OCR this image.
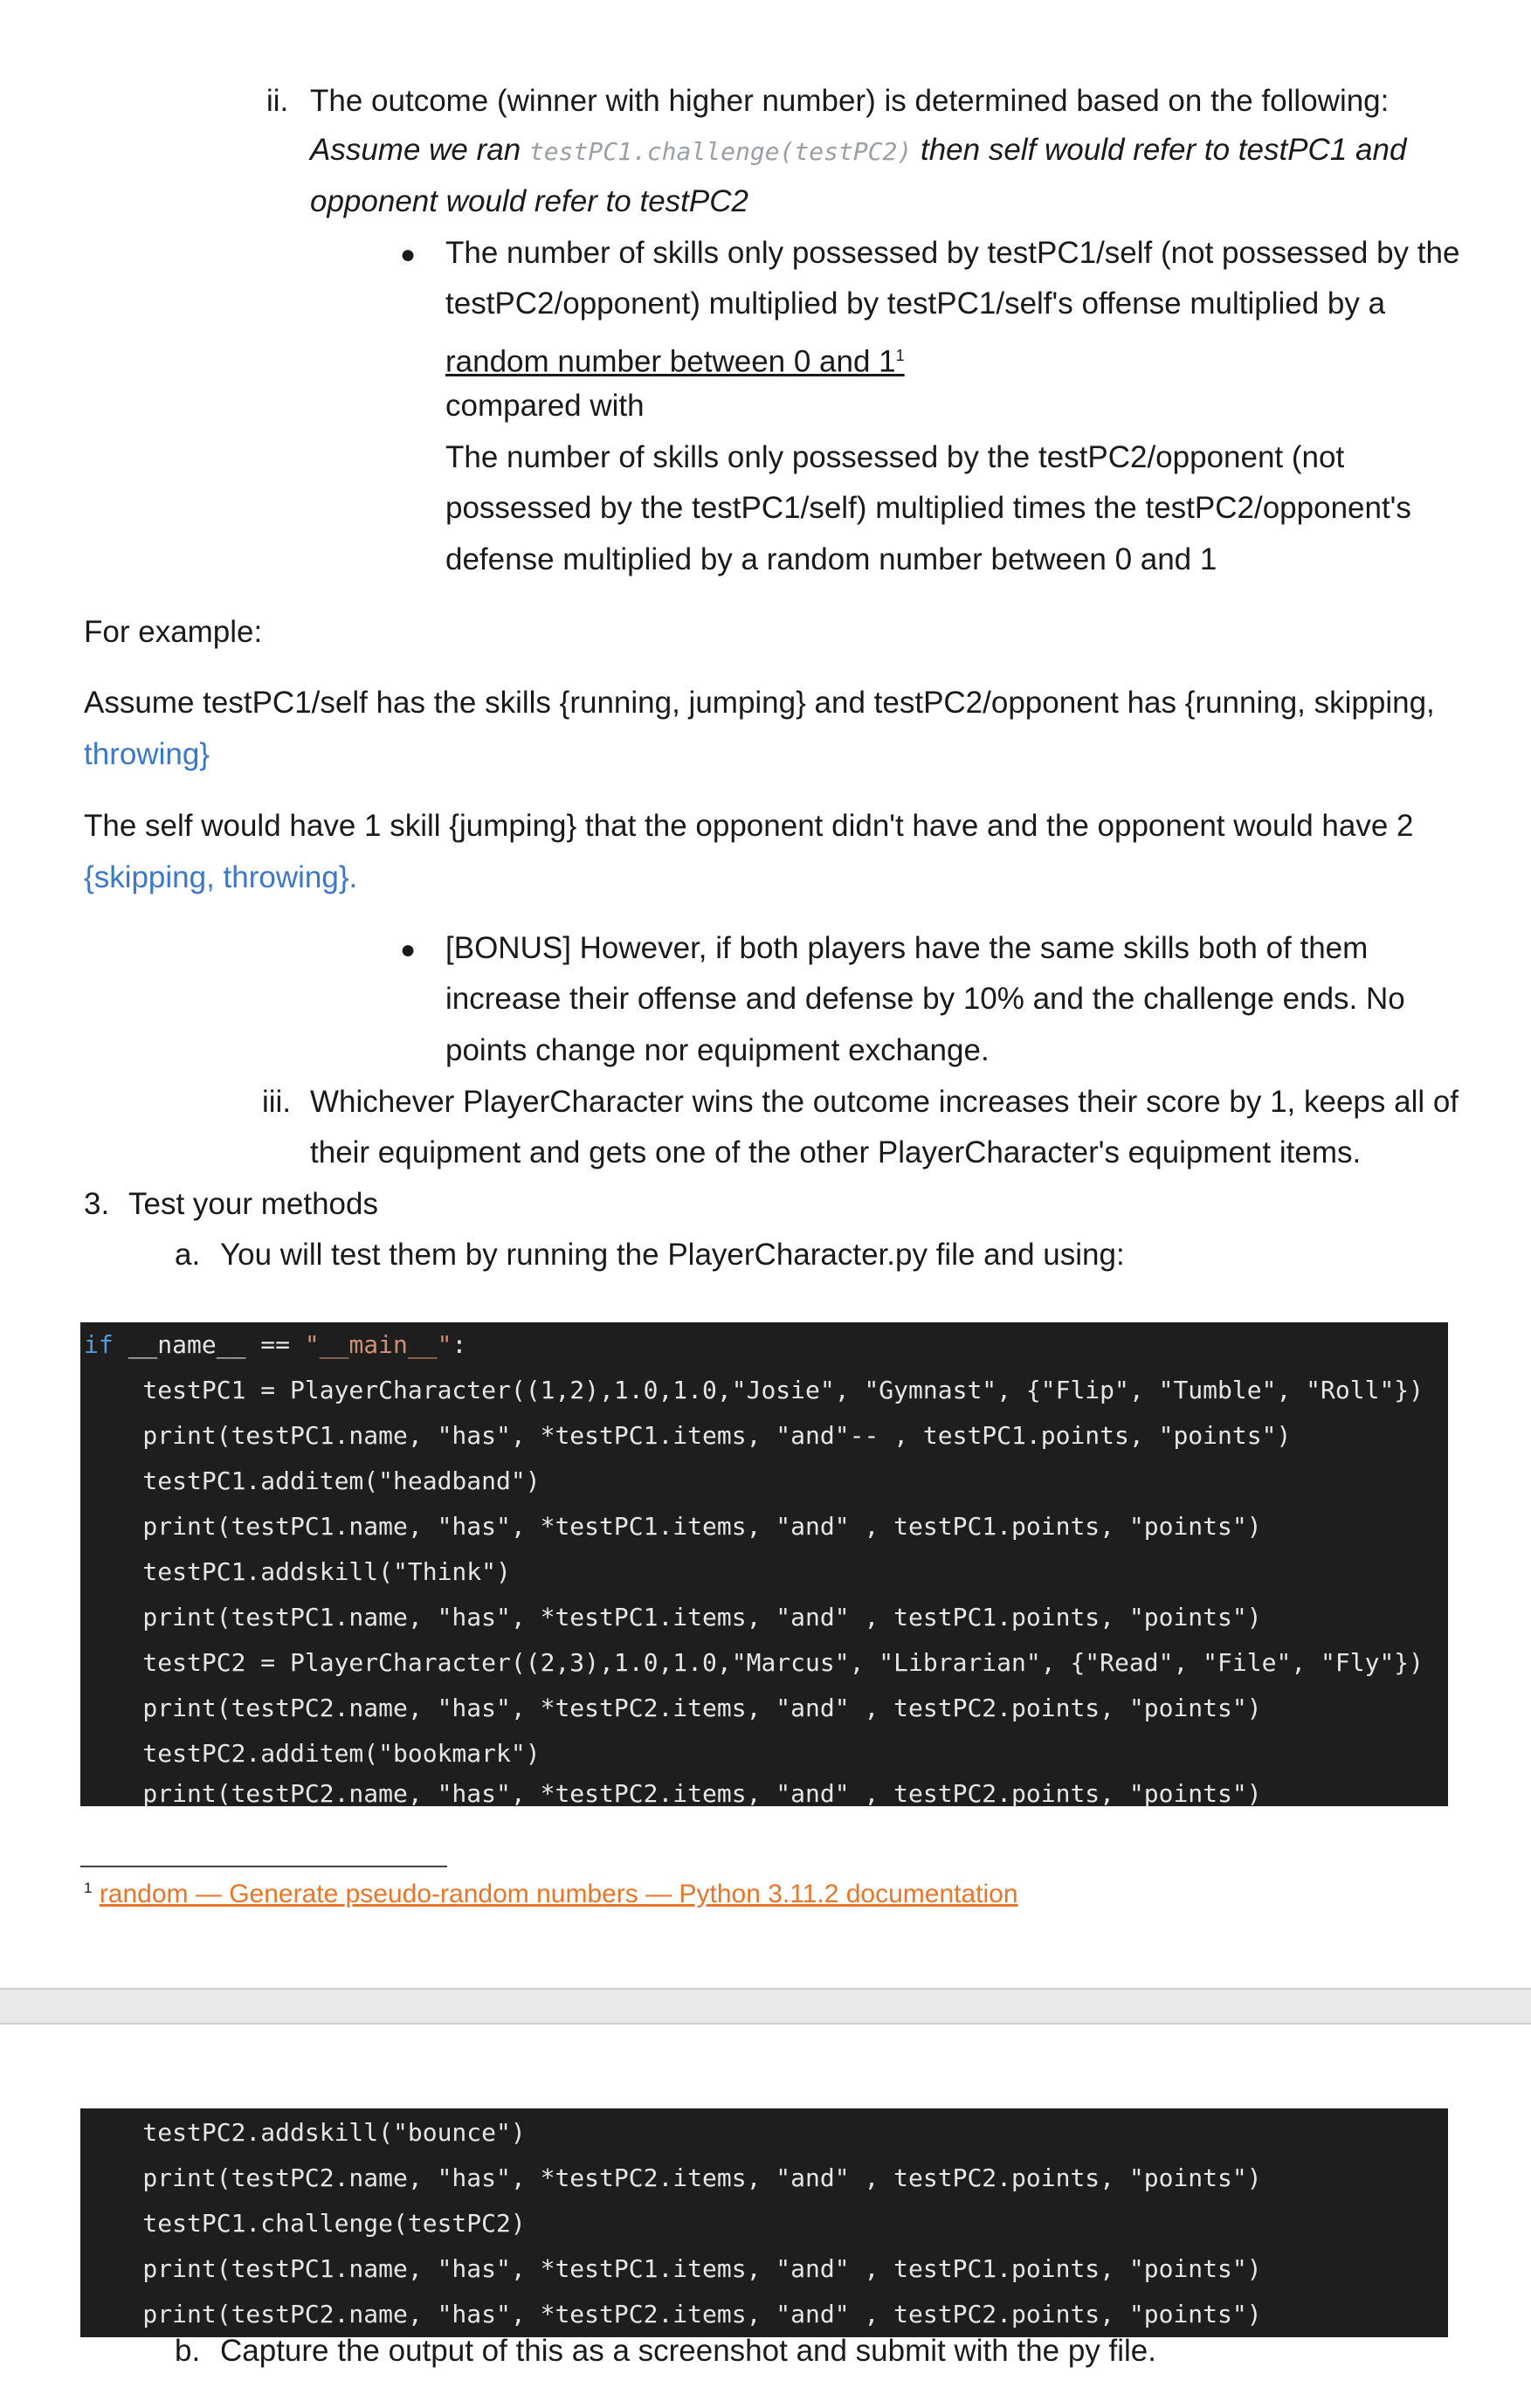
ii. The outcome (winner with higher number) is determined based on the following:

Assume we ran testPC1.challenge(testPC2) then self would refer to testPC1 and

opponent would refer to testPC2

● The number of skills only possessed by testPC1/self (not possessed by the

testPC2/opponent) multiplied by testPC1/self's offense multiplied by a

random number between 0 and $1^1$

compared with

The number of skills only possessed by the testPC2/opponent (not

possessed by the testPC1/self) multiplied times the testPC2/opponent's

defense multiplied by a random number between 0 and 1

For example:

Assume testPC1/self has the skills {running, jumping} and testPC2/opponent has {running, skipping,

throwing}

The self would have 1 skill {jumping} that the opponent didn't have and the opponent would have 2

{skipping, throwing}.

● [BONUS] However, if both players have the same skills both of them

increase their offense and defense by 10% and the challenge ends. No

points change nor equipment exchange.

iii. Whichever PlayerCharacter wins the outcome increases their score by 1, keeps all of

their equipment and gets one of the other PlayerCharacter's equipment items.

3. Test your methods

a. You will test them by running the PlayerCharacter.py file and using:

if __name__ == "__main__":
testPC1 = PlayerCharacter((1,2),1.0,1.0,"Josie", "Gymnast", {"Flip", "Tumble", "Roll"})
print(testPC1.name, "has", *testPC1.items, "and"-- , testPC1.points, "points")
testPC1.additem("headband")
print(testPC1.name, "has", *testPC1.items, "and" , testPC1.points, "points")
testPC1.addskill("Think")
print(testPC1.name, "has", *testPC1.items, "and" , testPC1.points, "points")
testPC2 = PlayerCharacter((2,3),1.0,1.0,"Marcus", "Librarian", {"Read", "File", "Fly"})
print(testPC2.name, "has", *testPC2.items, "and" , testPC2.points, "points")
testPC2.additem("bookmark")
print(testPC2.name, "has", *testPC2.items, "and" , testPC2.points, "points")

$^1$ random — Generate pseudo-random numbers — Python 3.11.2 documentation

testPC2.addskill("bounce")
print(testPC2.name, "has", *testPC2.items, "and" , testPC2.points, "points")
testPC1.challenge(testPC2)
print(testPC1.name, "has", *testPC1.items, "and" , testPC1.points, "points")
print(testPC2.name, "has", *testPC2.items, "and" , testPC2.points, "points")
b. Capture the output of this as a screenshot and submit with the py file.
